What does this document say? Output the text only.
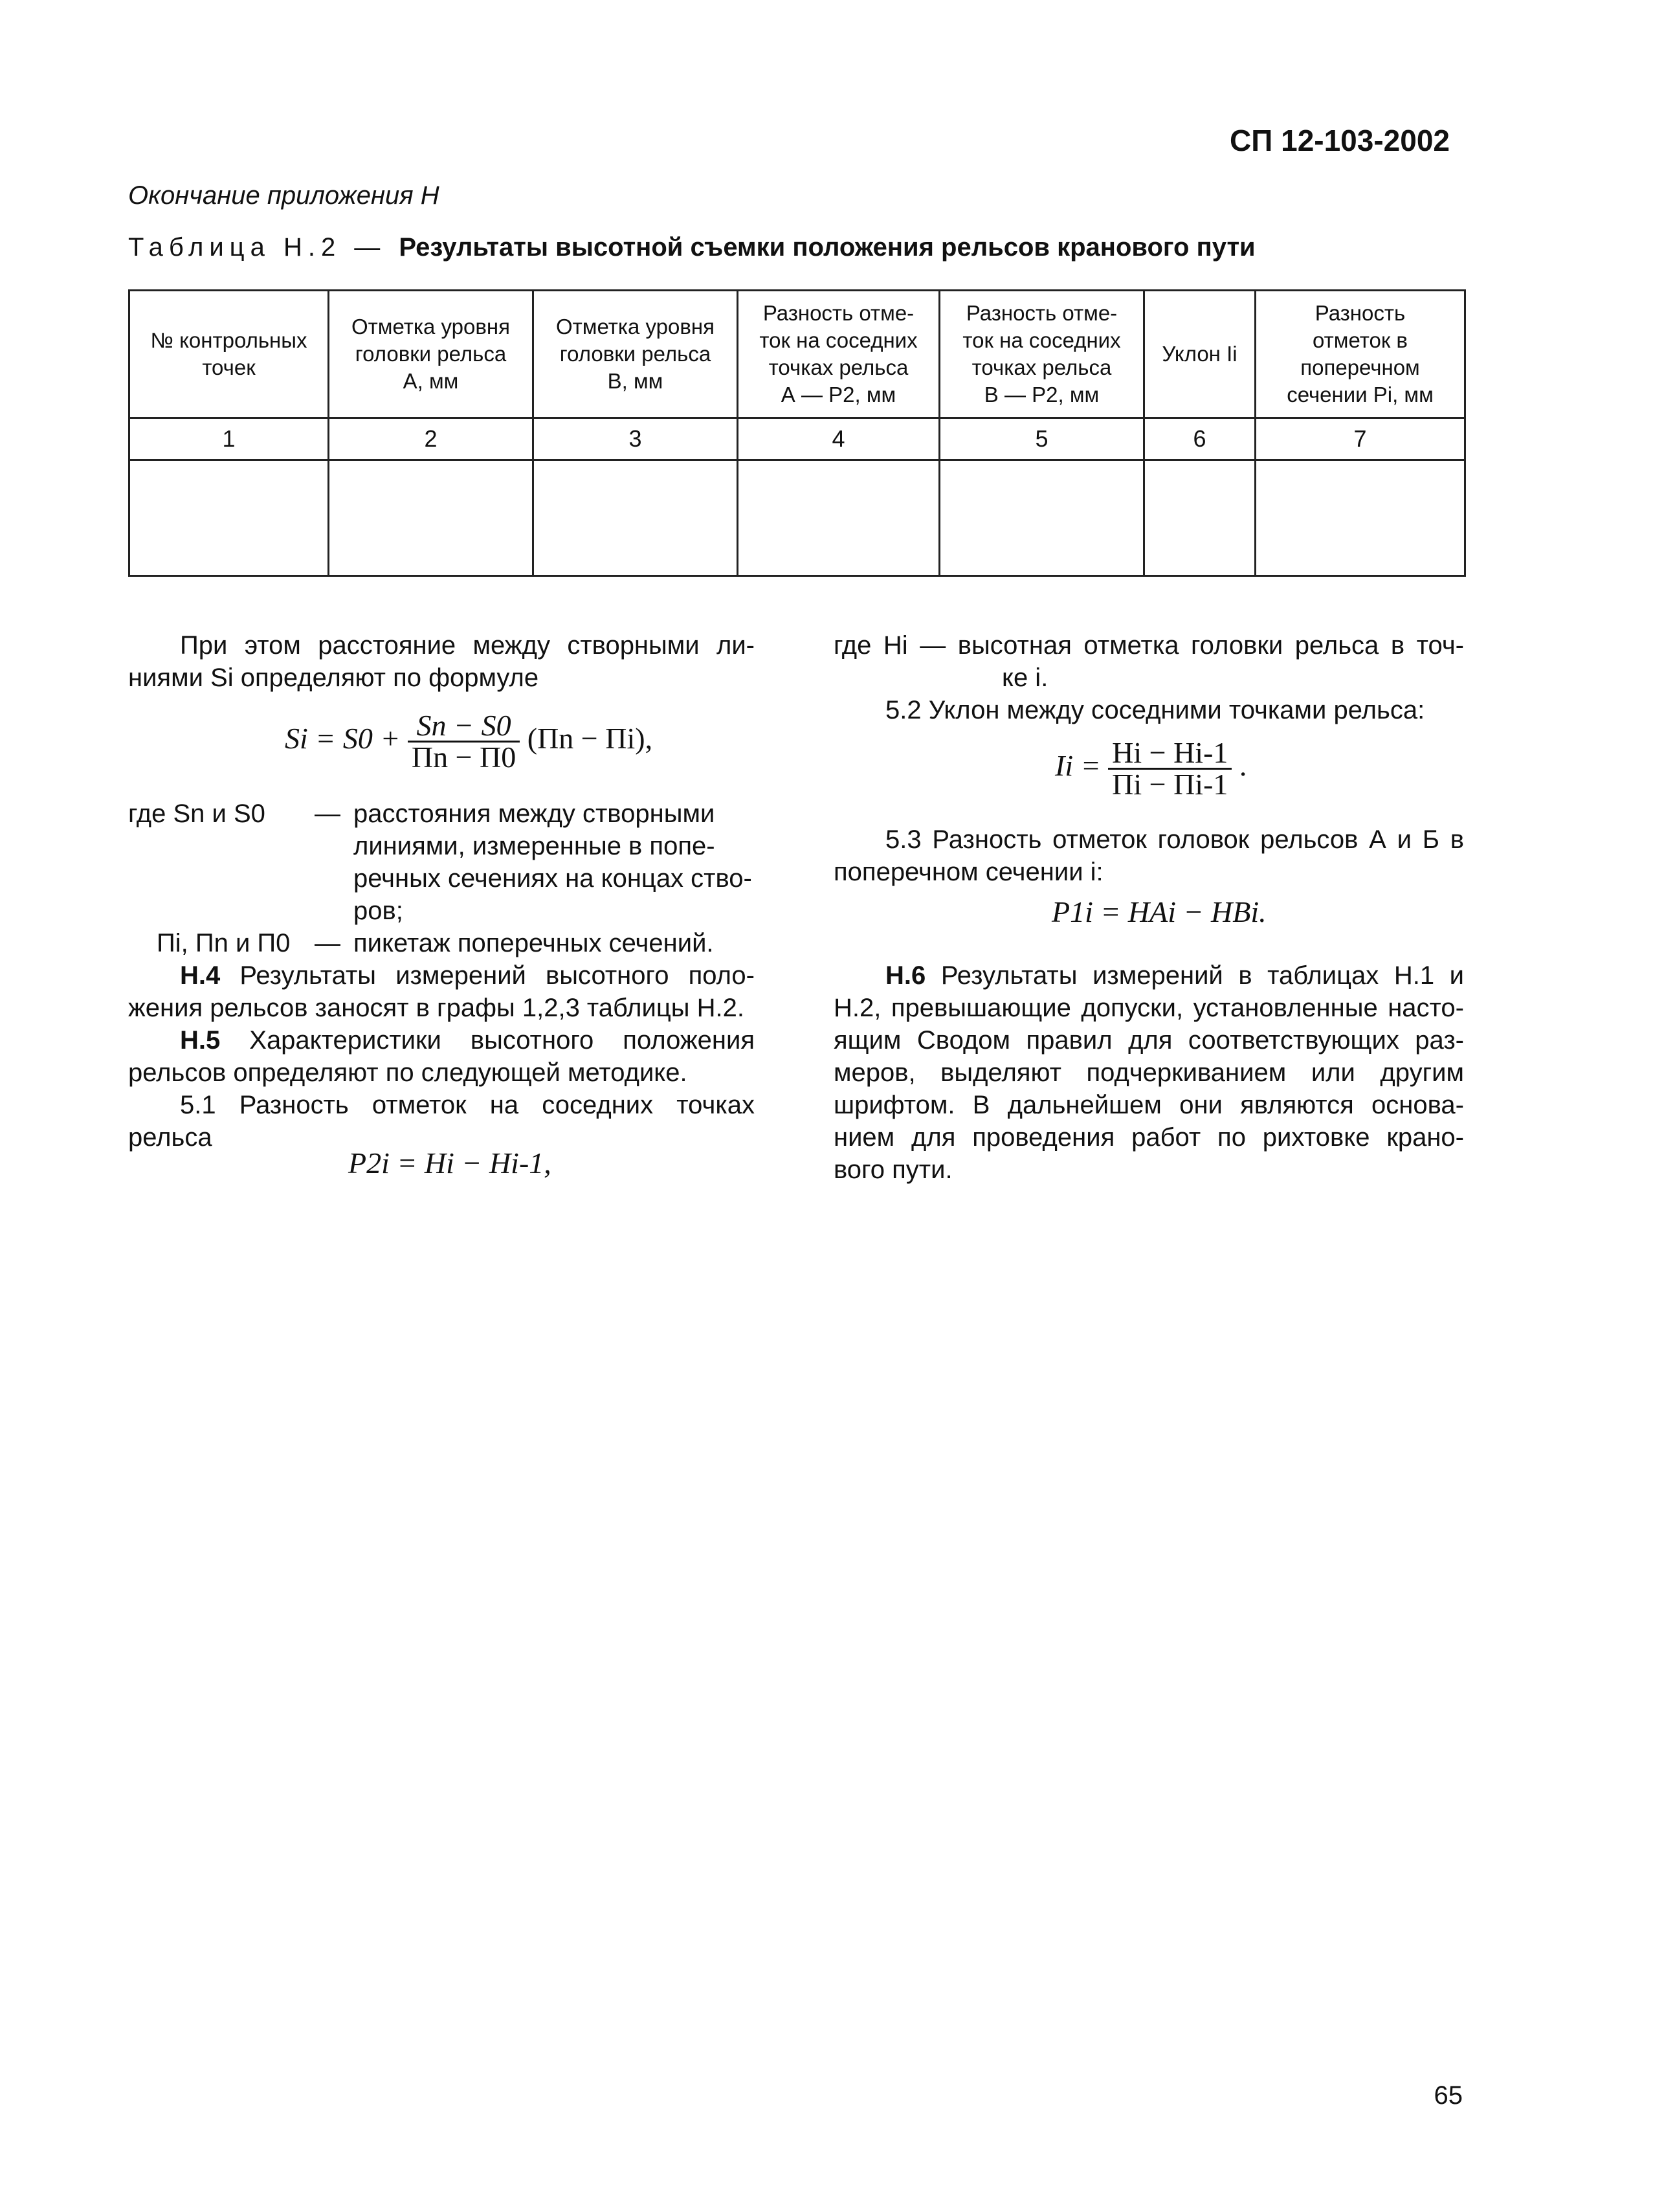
СП 12-103-2002
Окончание приложения Н
Таблица Н.2 — Результаты высотной съемки положения рельсов кранового пути
№ контрольных
точек	Отметка уровня
головки рельса
А, мм	Отметка уровня
головки рельса
В, мм	Разность отме-
ток на соседних
точках рельса
А — Р2, мм	Разность отме-
ток на соседних
точках рельса
В — Р2, мм	Уклон Ii	Разность
отметок в
поперечном
сечении Рi, мм

1	2	3	4	5	6	7

При этом расстояние между створными ли-
ниями Si определяют по формуле
$Si = S0 + \frac{Sn - S0}{Пn - П0} (Пn - Пi)$,
где Sn и S0 — расстояния между створными
линиями, измеренные в попе-
речных сечениях на концах ство-
ров;
Пi, Пn и П0 — пикетаж поперечных сечений.
Н.4 Результаты измерений высотного поло-
жения рельсов заносят в графы 1,2,3 таблицы Н.2.
Н.5 Характеристики высотного положения
рельсов определяют по следующей методике.
5.1 Разность отметок на соседних точках
рельса
P2i = Hi − Hi-1,
где Нi — высотная отметка головки рельса в точ-
ке i.
5.2 Уклон между соседними точками рельса:
$Ii = \frac{Hi - Hi-1}{Пi - Пi-1}$ .
5.3 Разность отметок головок рельсов А и Б в
поперечном сечении i:
P1i = HAi − HBi.
Н.6 Результаты измерений в таблицах Н.1 и
Н.2, превышающие допуски, установленные насто-
ящим Сводом правил для соответствующих раз-
меров, выделяют подчеркиванием или другим
шрифтом. В дальнейшем они являются основа-
нием для проведения работ по рихтовке кранo-
вого пути.
65
